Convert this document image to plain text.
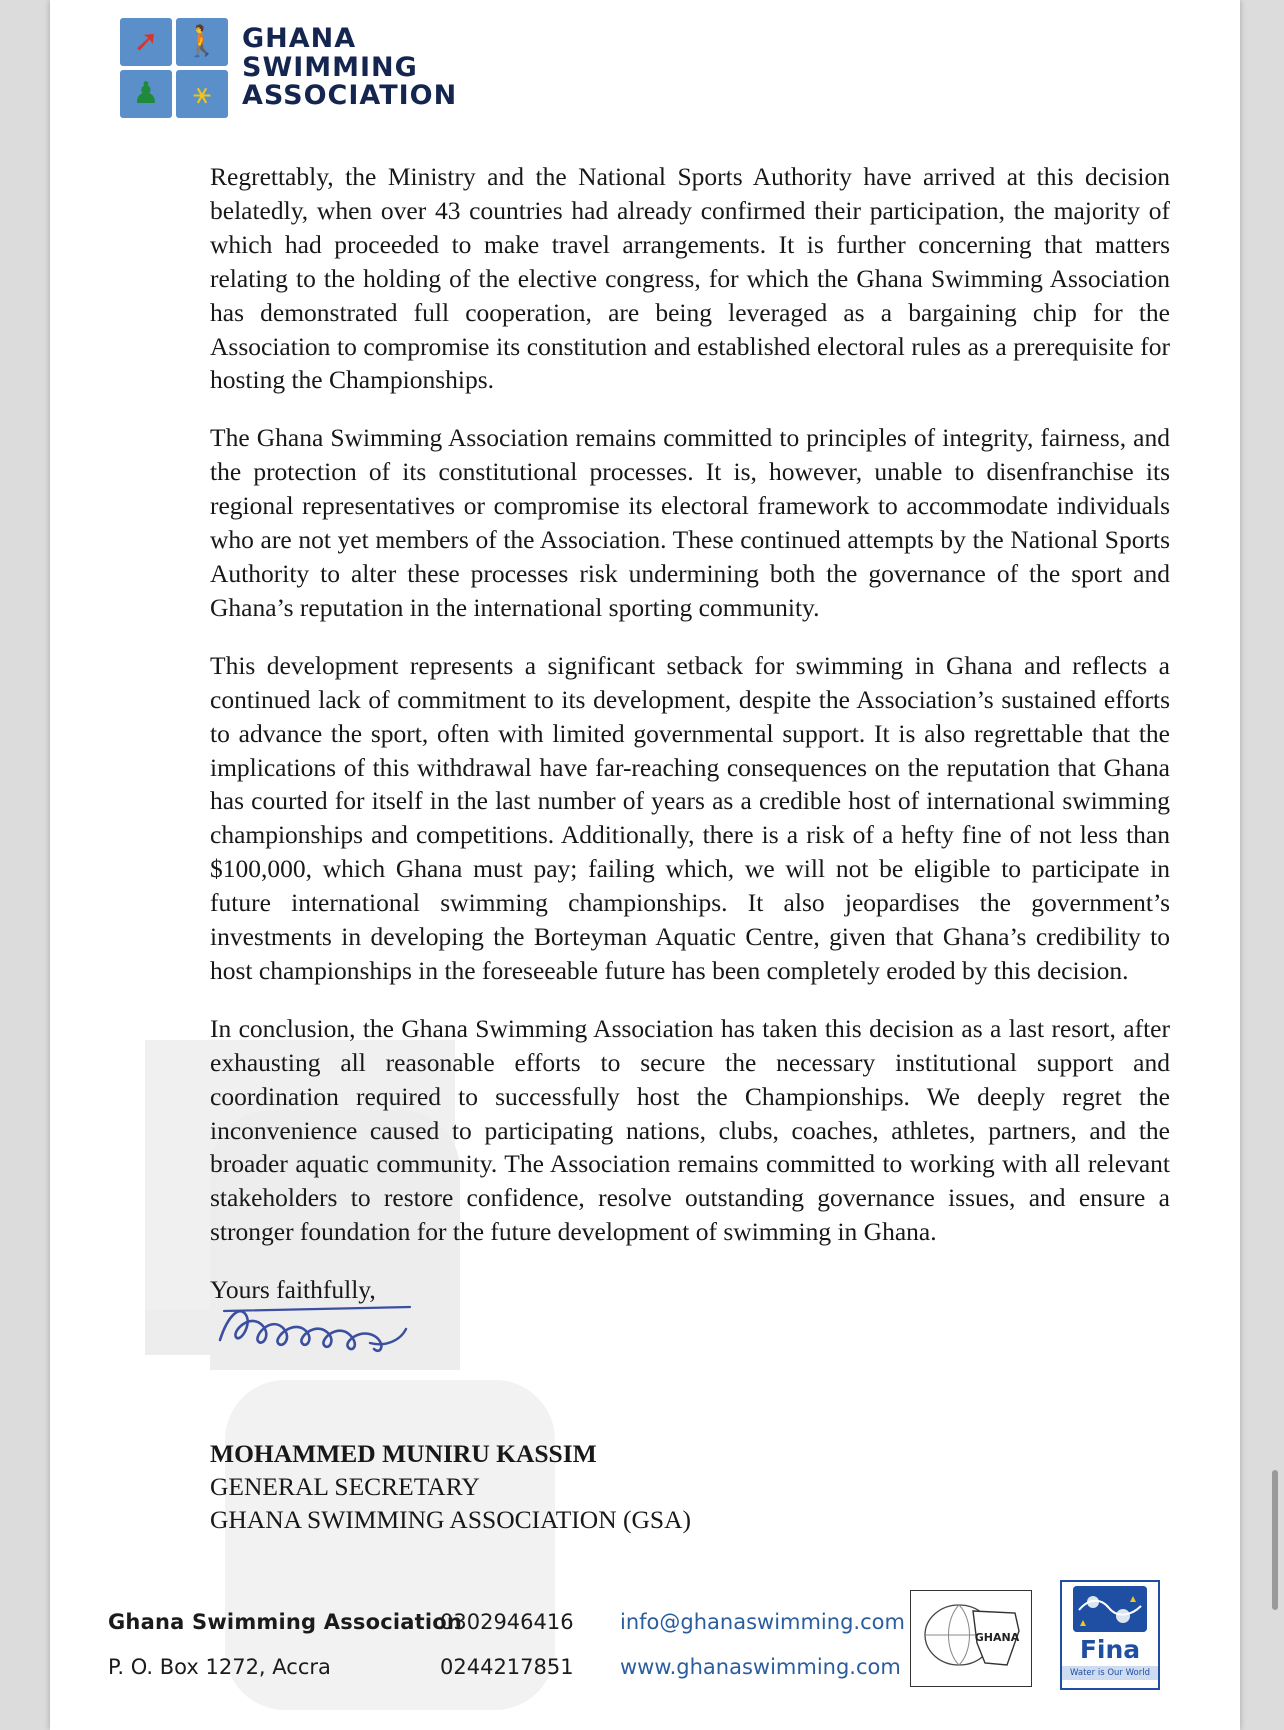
➚ 🚶
♟ ⚹
GHANA
SWIMMING
ASSOCIATION

Regrettably, the Ministry and the National Sports Authority have arrived at this decision belatedly, when over 43 countries had already confirmed their participation, the majority of which had proceeded to make travel arrangements. It is further concerning that matters relating to the holding of the elective congress, for which the Ghana Swimming Association has demonstrated full cooperation, are being leveraged as a bargaining chip for the Association to compromise its constitution and established electoral rules as a prerequisite for hosting the Championships.

The Ghana Swimming Association remains committed to principles of integrity, fairness, and the protection of its constitutional processes. It is, however, unable to disenfranchise its regional representatives or compromise its electoral framework to accommodate individuals who are not yet members of the Association. These continued attempts by the National Sports Authority to alter these processes risk undermining both the governance of the sport and Ghana’s reputation in the international sporting community.

This development represents a significant setback for swimming in Ghana and reflects a continued lack of commitment to its development, despite the Association’s sustained efforts to advance the sport, often with limited governmental support. It is also regrettable that the implications of this withdrawal have far-reaching consequences on the reputation that Ghana has courted for itself in the last number of years as a credible host of international swimming championships and competitions. Additionally, there is a risk of a hefty fine of not less than $100,000, which Ghana must pay; failing which, we will not be eligible to participate in future international swimming championships. It also jeopardises the government’s investments in developing the Borteyman Aquatic Centre, given that Ghana’s credibility to host championships in the foreseeable future has been completely eroded by this decision.

In conclusion, the Ghana Swimming Association has taken this decision as a last resort, after exhausting all reasonable efforts to secure the necessary institutional support and coordination required to successfully host the Championships. We deeply regret the inconvenience caused to participating nations, clubs, coaches, athletes, partners, and the broader aquatic community. The Association remains committed to working with all relevant stakeholders to restore confidence, resolve outstanding governance issues, and ensure a stronger foundation for the future development of swimming in Ghana.

Yours faithfully,

MOHAMMED MUNIRU KASSIM
GENERAL SECRETARY
GHANA SWIMMING ASSOCIATION (GSA)
Ghana Swimming Association
P. O. Box 1272, Accra
0302946416
0244217851
info@ghanaswimming.com
www.ghanaswimming.com
GHANA Fina
Water is Our World
